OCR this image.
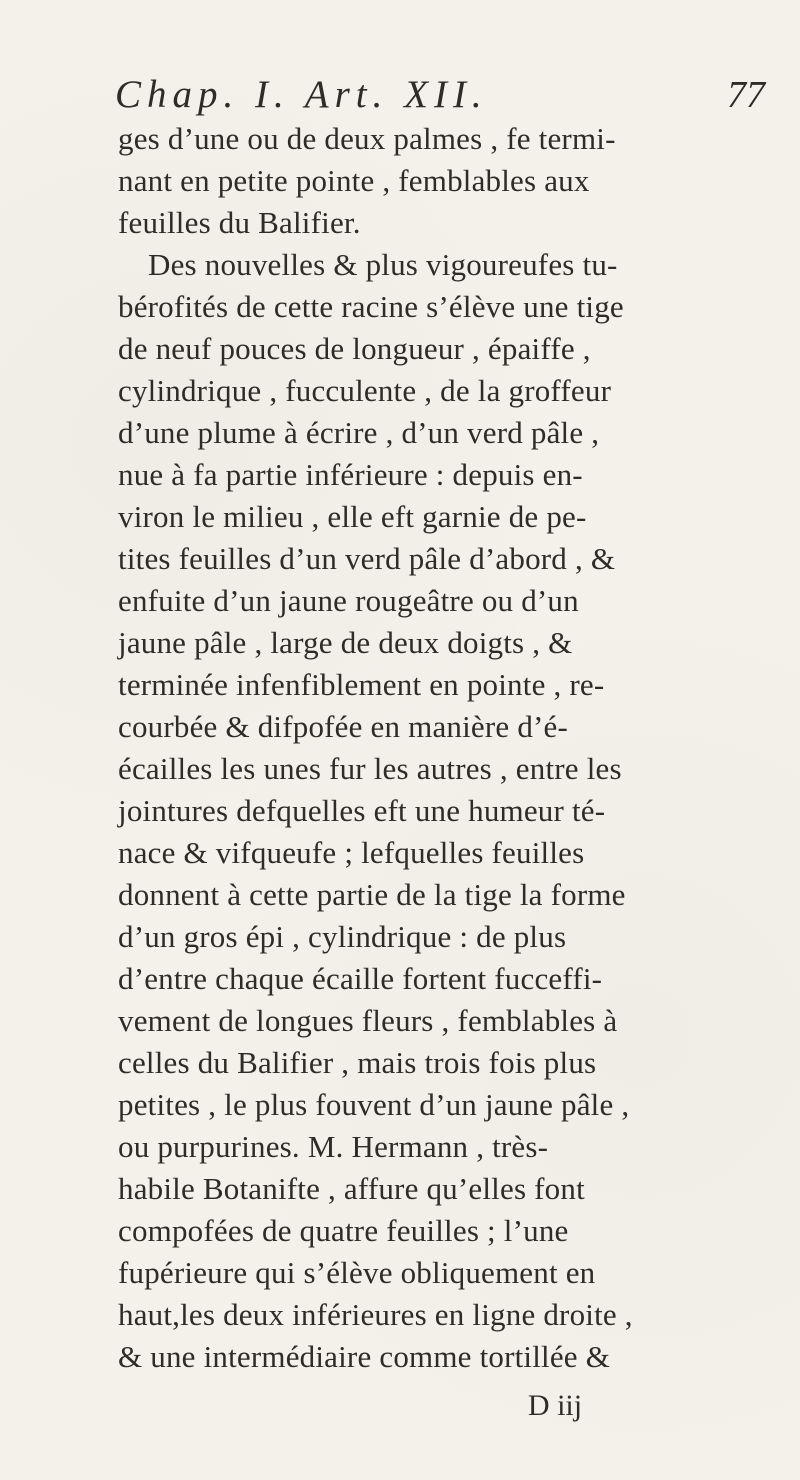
Chap. I. Art. XII.	77
ges d’une ou de deux palmes , fe termi-
nant en petite pointe , femblables aux
feuilles du Balifier.
Des nouvelles & plus vigoureufes tu-
bérofités de cette racine s’élève une tige
de neuf pouces de longueur , épaiffe ,
cylindrique , fucculente , de la groffeur
d’une plume à écrire , d’un verd pâle ,
nue à fa partie inférieure : depuis en-
viron le milieu , elle eft garnie de pe-
tites feuilles d’un verd pâle d’abord , &
enfuite d’un jaune rougeâtre ou d’un
jaune pâle , large de deux doigts , &
terminée infenfiblement en pointe , re-
courbée & difpofée en manière d’é-
écailles les unes fur les autres , entre les
jointures defquelles eft une humeur té-
nace & vifqueufe ; lefquelles feuilles
donnent à cette partie de la tige la forme
d’un gros épi , cylindrique : de plus
d’entre chaque écaille fortent fucceffi-
vement de longues fleurs , femblables à
celles du Balifier , mais trois fois plus
petites , le plus fouvent d’un jaune pâle ,
ou purpurines. M. Hermann , très-
habile Botanifte , affure qu’elles font
compofées de quatre feuilles ; l’une
fupérieure qui s’élève obliquement en
haut,les deux inférieures en ligne droite ,
& une intermédiaire comme tortillée &
D iij
